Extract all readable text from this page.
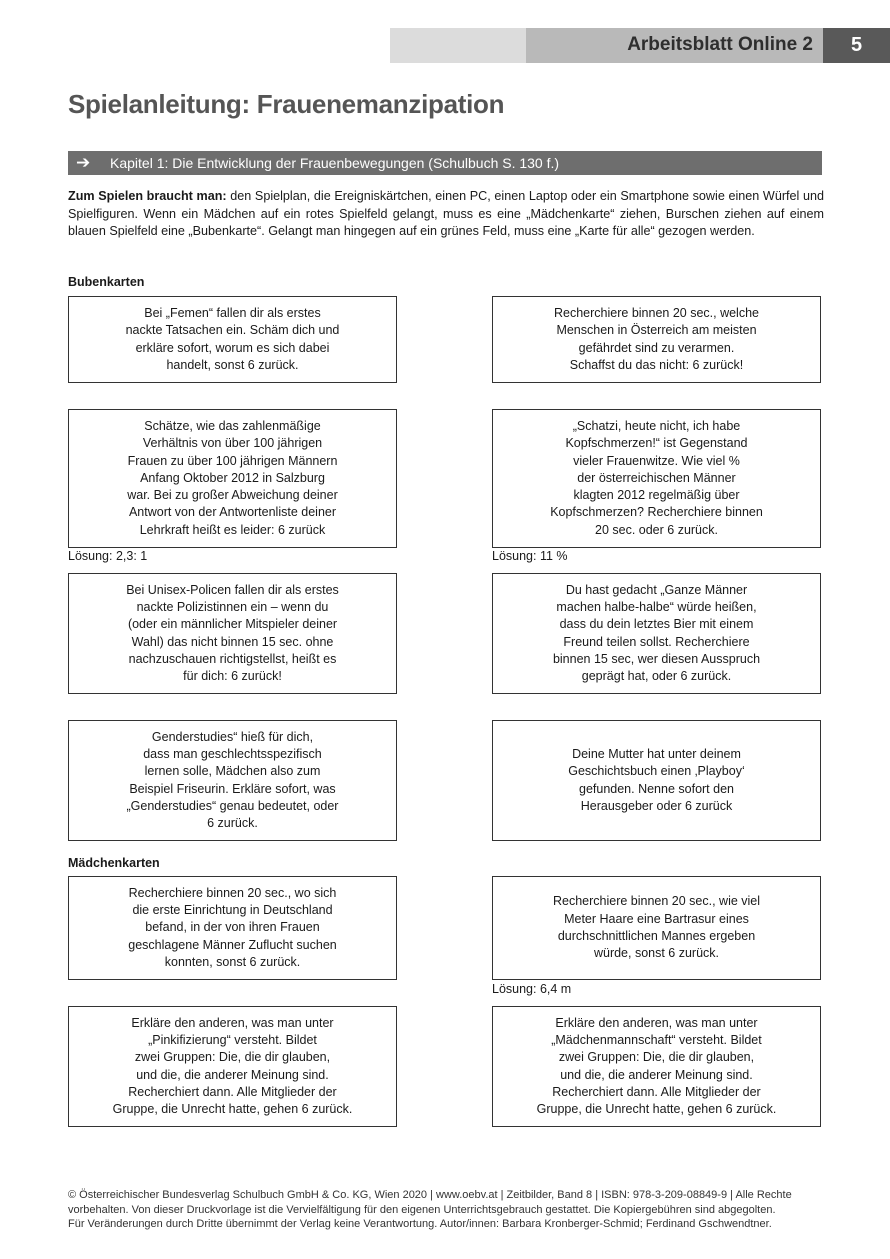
Arbeitsblatt Online 2	5
Spielanleitung: Frauenemanzipation
➔ Kapitel 1: Die Entwicklung der Frauenbewegungen (Schulbuch S. 130 f.)
Zum Spielen braucht man: den Spielplan, die Ereigniskärtchen, einen PC, einen Laptop oder ein Smartphone sowie einen Würfel und Spielfiguren. Wenn ein Mädchen auf ein rotes Spielfeld gelangt, muss es eine „Mädchenkarte“ ziehen, Burschen ziehen auf einem blauen Spielfeld eine „Bubenkarte“. Gelangt man hingegen auf ein grünes Feld, muss eine „Karte für alle“ gezogen werden.
Bubenkarten
Bei „Femen“ fallen dir als erstes
nackte Tatsachen ein. Schäm dich und
erkläre sofort, worum es sich dabei
handelt, sonst 6 zurück.
Recherchiere binnen 20 sec., welche
Menschen in Österreich am meisten
gefährdet sind zu verarmen.
Schaffst du das nicht: 6 zurück!
Schätze, wie das zahlenmäßige
Verhältnis von über 100 jährigen
Frauen zu über 100 jährigen Männern
Anfang Oktober 2012 in Salzburg
war. Bei zu großer Abweichung deiner
Antwort von der Antwortenliste deiner
Lehrkraft heißt es leider: 6 zurück
„Schatzi, heute nicht, ich habe
Kopfschmerzen!“ ist Gegenstand
vieler Frauenwitze. Wie viel %
der österreichischen Männer
klagten 2012 regelmäßig über
Kopfschmerzen? Recherchiere binnen
20 sec. oder 6 zurück.
Lösung: 2,3: 1	Lösung: 11 %
Bei Unisex-Policen fallen dir als erstes
nackte Polizistinnen ein – wenn du
(oder ein männlicher Mitspieler deiner
Wahl) das nicht binnen 15 sec. ohne
nachzuschauen richtigstellst, heißt es
für dich: 6 zurück!
Du hast gedacht „Ganze Männer
machen halbe-halbe“ würde heißen,
dass du dein letztes Bier mit einem
Freund teilen sollst. Recherchiere
binnen 15 sec, wer diesen Ausspruch
geprägt hat, oder 6 zurück.
Genderstudies“ hieß für dich,
dass man geschlechtsspezifisch
lernen solle, Mädchen also zum
Beispiel Friseurin. Erkläre sofort, was
„Genderstudies“ genau bedeutet, oder
6 zurück.
Deine Mutter hat unter deinem
Geschichtsbuch einen ‚Playboy‘
gefunden. Nenne sofort den
Herausgeber oder 6 zurück
Mädchenkarten
Recherchiere binnen 20 sec., wo sich
die erste Einrichtung in Deutschland
befand, in der von ihren Frauen
geschlagene Männer Zuflucht suchen
konnten, sonst 6 zurück.
Recherchiere binnen 20 sec., wie viel
Meter Haare eine Bartrasur eines
durchschnittlichen Mannes ergeben
würde, sonst 6 zurück.
Lösung: 6,4 m
Erkläre den anderen, was man unter
„Pinkifizierung“ versteht. Bildet
zwei Gruppen: Die, die dir glauben,
und die, die anderer Meinung sind.
Recherchiert dann. Alle Mitglieder der
Gruppe, die Unrecht hatte, gehen 6 zurück.
Erkläre den anderen, was man unter
„Mädchenmannschaft“ versteht. Bildet
zwei Gruppen: Die, die dir glauben,
und die, die anderer Meinung sind.
Recherchiert dann. Alle Mitglieder der
Gruppe, die Unrecht hatte, gehen 6 zurück.
© Österreichischer Bundesverlag Schulbuch GmbH & Co. KG, Wien 2020 | www.oebv.at | Zeitbilder, Band 8 | ISBN: 978-3-209-08849-9 | Alle Rechte
vorbehalten. Von dieser Druckvorlage ist die Vervielfältigung für den eigenen Unterrichtsgebrauch gestattet. Die Kopiergebühren sind abgegolten.
Für Veränderungen durch Dritte übernimmt der Verlag keine Verantwortung. Autor/innen: Barbara Kronberger-Schmid; Ferdinand Gschwendtner.
